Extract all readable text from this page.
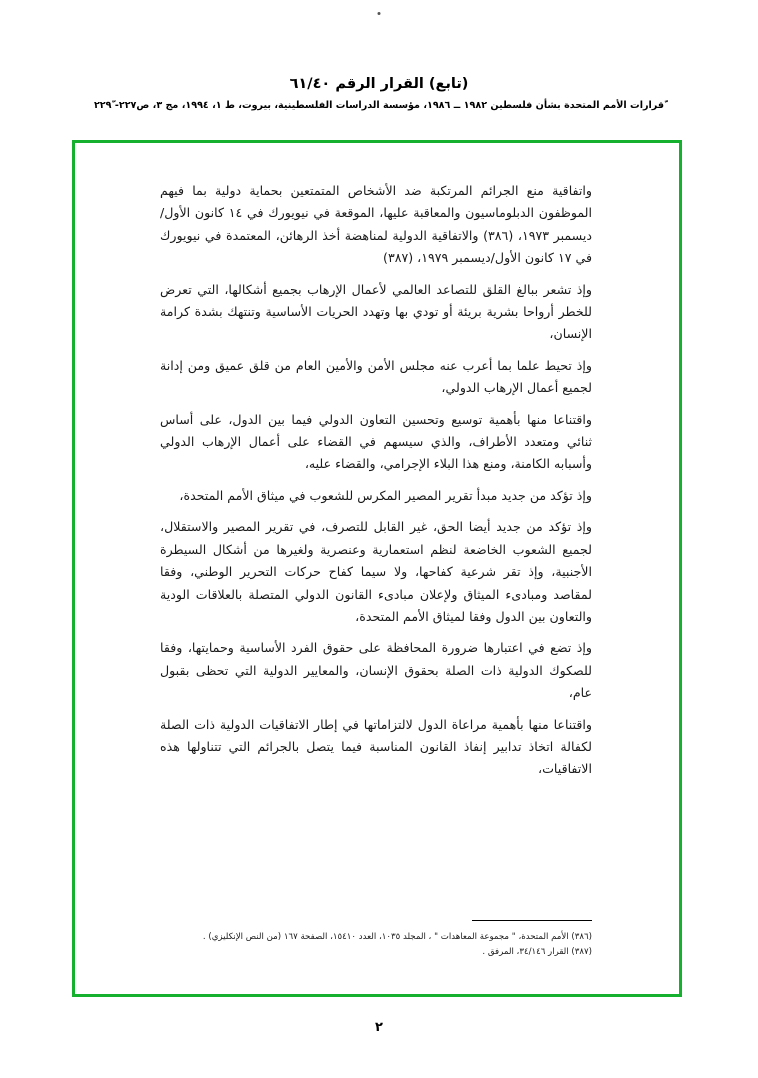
(تابع) القرار الرقم ٦١/٤٠
ّقرارات الأمم المتحدة بشأن فلسطين ١٩٨٢ ــ ١٩٨٦، مؤسسة الدراسات الفلسطينية، بيروت، ط ١، ١٩٩٤، مج ٣، ص٢٢٧- ٢٢٩ّ

واتفاقية منع الجرائم المرتكبة ضد الأشخاص المتمتعين بحماية دولية بما فيهم الموظفون الدبلوماسيون والمعاقبة عليها، الموقعة في نيويورك في ١٤ كانون الأول/ديسمبر ١٩٧٣، (٣٨٦) والاتفاقية الدولية لمناهضة أخذ الرهائن، المعتمدة في نيويورك في ١٧ كانون الأول/ديسمبر ١٩٧٩، (٣٨٧)

وإذ تشعر ببالغ القلق للتصاعد العالمي لأعمال الإرهاب بجميع أشكالها، التي تعرض للخطر أرواحا بشرية بريئة أو تودي بها وتهدد الحريات الأساسية وتنتهك بشدة كرامة الإنسان،

وإذ تحيط علما بما أعرب عنه مجلس الأمن والأمين العام من قلق عميق ومن إدانة لجميع أعمال الإرهاب الدولي،

واقتناعا منها بأهمية توسيع وتحسين التعاون الدولي فيما بين الدول، على أساس ثنائي ومتعدد الأطراف، والذي سيسهم في القضاء على أعمال الإرهاب الدولي وأسبابه الكامنة، ومنع هذا البلاء الإجرامي، والقضاء عليه،

وإذ تؤكد من جديد مبدأ تقرير المصير المكرس للشعوب في ميثاق الأمم المتحدة،

وإذ تؤكد من جديد أيضا الحق، غير القابل للتصرف، في تقرير المصير والاستقلال، لجميع الشعوب الخاضعة لنظم استعمارية وعنصرية ولغيرها من أشكال السيطرة الأجنبية، وإذ تقر شرعية كفاحها، ولا سيما كفاح حركات التحرير الوطني، وفقا لمقاصد ومبادىء الميثاق ولإعلان مبادىء القانون الدولي المتصلة بالعلاقات الودية والتعاون بين الدول وفقا لميثاق الأمم المتحدة،

وإذ تضع في اعتبارها ضرورة المحافظة على حقوق الفرد الأساسية وحمايتها، وفقا للصكوك الدولية ذات الصلة بحقوق الإنسان، والمعايير الدولية التي تحظى بقبول عام،

واقتناعا منها بأهمية مراعاة الدول لالتزاماتها في إطار الاتفاقيات الدولية ذات الصلة لكفالة اتخاذ تدابير إنفاذ القانون المناسبة فيما يتصل بالجرائم التي تتناولها هذه الاتفاقيات،

(٣٨٦) الأمم المتحدة، " مجموعة المعاهدات " ، المجلد ١٠٣٥، العدد ١٥٤١٠، الصفحة ١٦٧ (من النص الإنكليزي) .

(٣٨٧) القرار ٣٤/١٤٦، المرفق .

٢
